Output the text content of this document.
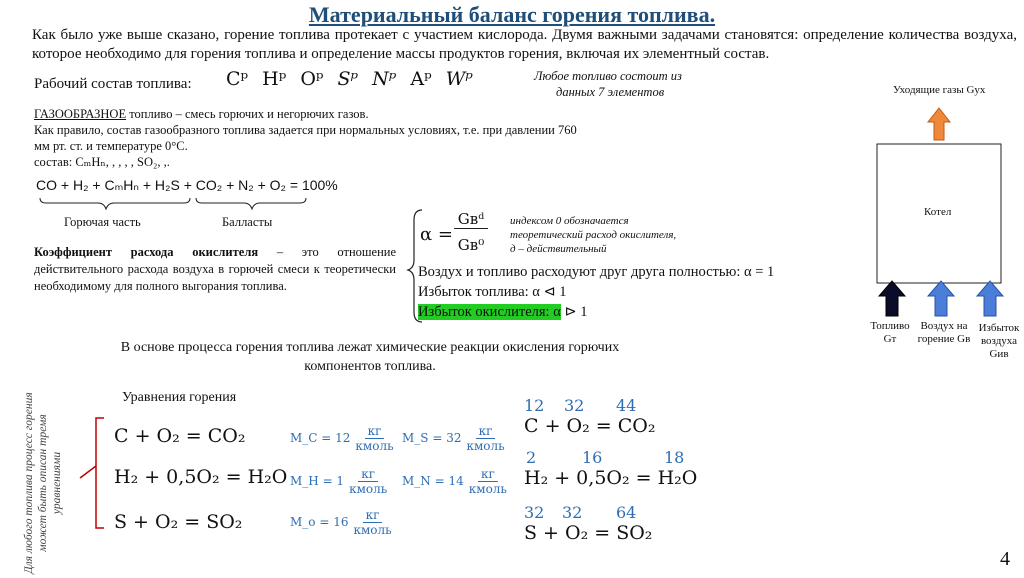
Материальный баланс горения топлива.
Как было уже выше сказано, горение топлива протекает с участием кислорода. Двумя важными задачами становятся: определение количества воздуха, которое необходимо для горения топлива и определение массы продуктов горения, включая их элементный состав.
Рабочий состав топлива: Cᵖ Hᵖ Oᵖ Sᵖ Nᵖ Aᵖ Wᵖ	Любое топливо состоит из
данных 7 элементов
ГАЗООБРАЗНОЕ топливо – смесь горючих и негорючих газов.
Как правило, состав газообразного топлива задается при нормальных условиях, т.е. при давлении 760
мм рт. ст. и температуре 0°С.
состав: CₘHₙ, , , , , SO₂, ,.
CO + H₂ + CₘHₙ + H₂S + CO₂ + N₂ + O₂ = 100%
Горючая часть	Балласты
Коэффициент расхода окислителя – это отношение действительного расхода воздуха в горючей смеси к теоретически необходимому для полного выгорания топлива.
α =
Gвᵈ
Gв⁰
индексом 0 обозначается
теоретический расход окислителя,
д – действительный
Воздух и топливо расходуют друг друга полностью: α = 1
Избыток топлива: α ⊲ 1
Избыток окислителя: α ⊳ 1
Уходящие газы Gух
Котел
Топливо Gт
Воздух на горение Gв
Избыток воздуха Gив
В основе процесса горения топлива лежат химические реакции окисления горючих
компонентов топлива.
Для любого топлива процесс горения может быть описан тремя уравнениями
Уравнения горения
C + O₂ = CO₂
H₂ + 0,5O₂ = H₂O
S + O₂ = SO₂
M_C = $12 \frac{кг}{\text{кмоль}}$ M_S = $32 \frac{кг}{\text{кмоль}}$
M_H = $1 \frac{кг}{\text{кмоль}}$ M_N = $14 \frac{кг}{\text{кмоль}}$
M_o = $16 \frac{кг}{\text{кмоль}}$
12 32 44
C + O₂ = CO₂
2	16	18
H₂ + 0,5O₂ = H₂O
32 32 64
S + O₂ = SO₂
4
